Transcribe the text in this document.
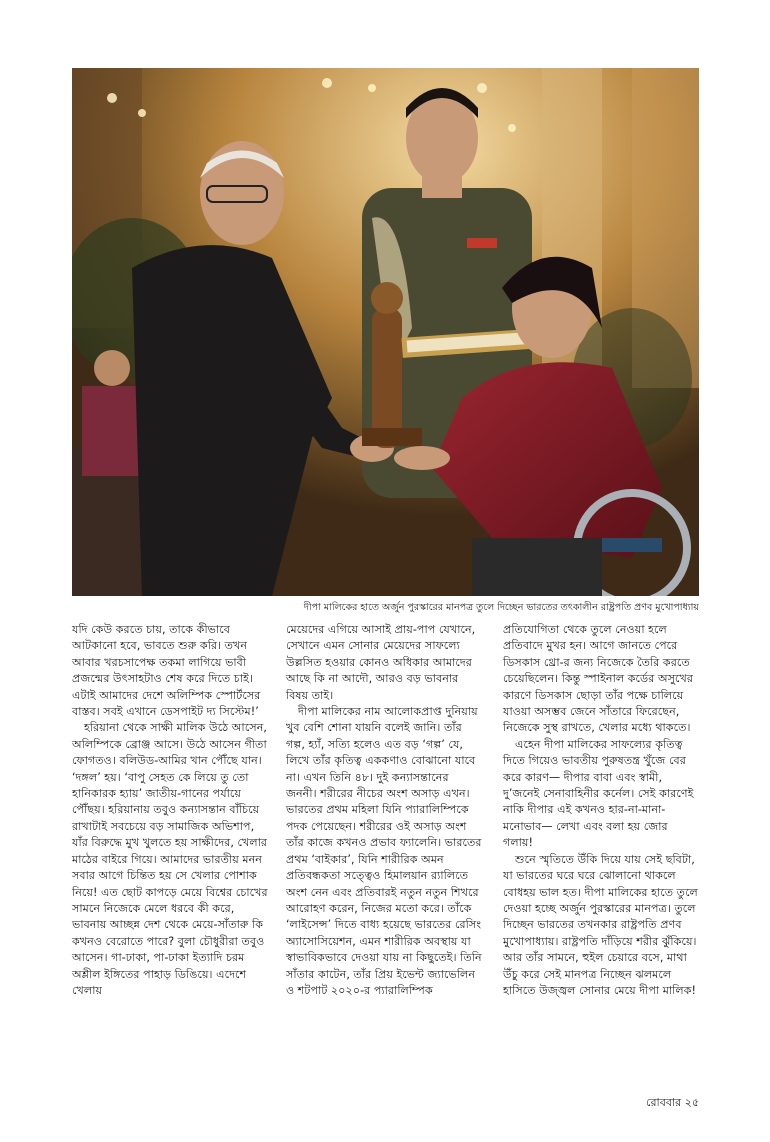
দীপা মালিকের হাতে অর্জুন পুরস্কারের মানপত্র তুলে দিচ্ছেন ভারতের তৎকালীন রাষ্ট্রপতি প্রণব মুখোপাধ্যায়

যদি কেউ করতে চায়, তাকে কীভাবে আটকানো হবে, ভাবতে শুরু করি। তখন আবার খরচসাপেক্ষ তকমা লাগিয়ে ভাবী প্রজন্মের উৎসাহটাও শেষ করে দিতে চাই। এটাই আমাদের দেশে অলিম্পিক স্পোর্টসের বাস্তব। সবই এখানে ডেসপাইট দ্য সিস্টেম!’

হরিয়ানা থেকে সাক্ষী মালিক উঠে আসেন, অলিম্পিকে ব্রোঞ্জ আসে। উঠে আসেন গীতা ফোগতও। বলিউড-আমির খান পৌঁছে যান। ‘দঙ্গল’ হয়। ‘বাপু সেহত কে লিয়ে তু তো হানিকারক হ্যায়’ জাতীয়-গানের পর্যায়ে পৌঁছয়। হরিয়ানায় তবুও কন্যাসন্তান বাঁচিয়ে রাখাটাই সবচেয়ে বড় সামাজিক অভিশাপ, যাঁর বিরুদ্ধে মুখ খুলতে হয় সাক্ষীদের, খেলার মাঠের বাইরে গিয়ে। আমাদের ভারতীয় মনন সবার আগে চিন্তিত হয় সে খেলার পোশাক নিয়ে! এত ছোট কাপড়ে মেয়ে বিশ্বের চোখের সামনে নিজেকে মেলে ধরবে কী করে, ভাবনায় আচ্ছন্ন দেশ থেকে মেয়ে-সাঁতারু কি কখনও বেরোতে পারে? বুলা চৌধুরীরা তবুও আসেন। গা-ঢাকা, পা-ঢাকা ইত্যাদি চরম অশ্লীল ইঙ্গিতের পাহাড় ডিঙিয়ে। এদেশে খেলায়

মেয়েদের এগিয়ে আসাই প্রায়-পাপ যেখানে, সেখানে এমন সোনার মেয়েদের সাফল্যে উল্লসিত হওয়ার কোনও অধিকার আমাদের আছে কি না আদৌ, আরও বড় ভাবনার বিষয় তাই।

দীপা মালিকের নাম আলোকপ্রাপ্ত দুনিয়ায় খুব বেশি শোনা যায়নি বলেই জানি। তাঁর গল্প, হ্যাঁ, সত্যি হলেও এত বড় ‘গল্প’ যে, লিখে তাঁর কৃতিত্ব এককণাও বোঝানো যাবে না। এখন তিনি ৪৮। দুই কন্যাসন্তানের জননী। শরীরের নীচের অংশ অসাড় এখন। ভারতের প্রথম মহিলা যিনি প্যারালিম্পিকে পদক পেয়েছেন। শরীরের ওই অসাড় অংশ তাঁর কাজে কখনও প্রভাব ফ্যালেনি। ভারতের প্রথম ‘বাইকার’, যিনি শারীরিক অমন প্রতিবন্ধকতা সত্ত্বেও হিমালয়ান র‍্যালিতে অংশ নেন এবং প্রতিবারই নতুন নতুন শিখরে আরোহণ করেন, নিজের মতো করে। তাঁকে ‘লাইসেন্স’ দিতে বাধ্য হয়েছে ভারতের রেসিং অ্যাসোসিয়েশন, এমন শারীরিক অবস্থায় যা স্বাভাবিকভাবে দেওয়া যায় না কিছুতেই। তিনি সাঁতার কাটেন, তাঁর প্রিয় ইভেন্ট জ্যাভেলিন ও শটপাট ২০২০-র প্যারালিম্পিক

প্রতিযোগিতা থেকে তুলে নেওয়া হলে প্রতিবাদে মুখর হন। আগে জানতে পেরে ডিসকাস থ্রো-র জন্য নিজেকে তৈরি করতে চেয়েছিলেন। কিন্তু স্পাইনাল কর্ডের অসুখের কারণে ডিসকাস ছোড়া তাঁর পক্ষে চালিয়ে যাওয়া অসম্ভব জেনে সাঁতারে ফিরেছেন, নিজেকে সুস্থ রাখতে, খেলার মধ্যে থাকতে।

এহেন দীপা মালিকের সাফল্যের কৃতিত্ব দিতে গিয়েও ভাবতীয় পুরুষতন্ত্র খুঁজে বের করে কারণ— দীপার বাবা এবং স্বামী, দু’জনেই সেনাবাহিনীর কর্নেল। সেই কারণেই নাকি দীপার এই কখনও হার-না-মানা-মনোভাব— লেখা এবং বলা হয় জোর গলায়!

শুনে স্মৃতিতে উঁকি দিয়ে যায় সেই ছবিটা, যা ভারতের ঘরে ঘরে ঝোলানো থাকলে বোধহয় ভাল হত। দীপা মালিকের হাতে তুলে দেওয়া হচ্ছে অর্জুন পুরস্কারের মানপত্র। তুলে দিচ্ছেন ভারতের তখনকার রাষ্ট্রপতি প্রণব মুখোপাধ্যায়। রাষ্ট্রপতি দাঁড়িয়ে শরীর ঝুঁকিয়ে। আর তাঁর সামনে, হুইল চেয়ারে বসে, মাথা উঁচু করে সেই মানপত্র নিচ্ছেন ঝলমলে হাসিতে উজ্জ্বল সোনার মেয়ে দীপা মালিক!

রোববার ২৫
